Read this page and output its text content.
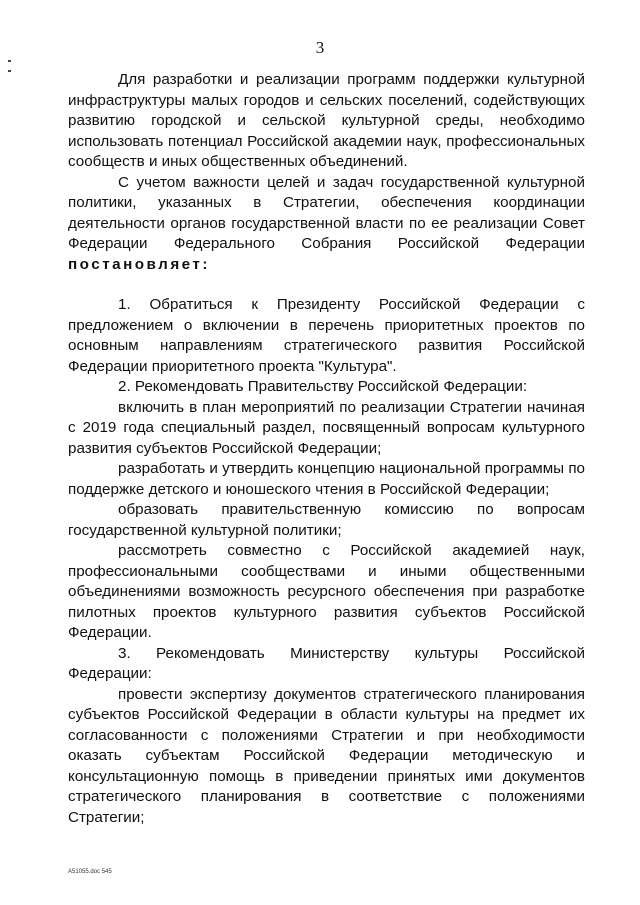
3

Для разработки и реализации программ поддержки культурной инфраструктуры малых городов и сельских поселений, содействующих развитию городской и сельской культурной среды, необходимо использовать потенциал Российской академии наук, профессиональных сообществ и иных общественных объединений.

С учетом важности целей и задач государственной культурной политики, указанных в Стратегии, обеспечения координации деятельности органов государственной власти по ее реализации Совет Федерации Федерального Собрания Российской Федерации постановляет:

1. Обратиться к Президенту Российской Федерации с предложением о включении в перечень приоритетных проектов по основным направлениям стратегического развития Российской Федерации приоритетного проекта "Культура".

2. Рекомендовать Правительству Российской Федерации:

включить в план мероприятий по реализации Стратегии начиная с 2019 года специальный раздел, посвященный вопросам культурного развития субъектов Российской Федерации;

разработать и утвердить концепцию национальной программы по поддержке детского и юношеского чтения в Российской Федерации;

образовать правительственную комиссию по вопросам государственной культурной политики;

рассмотреть совместно с Российской академией наук, профессиональными сообществами и иными общественными объединениями возможность ресурсного обеспечения при разработке пилотных проектов культурного развития субъектов Российской Федерации.

3. Рекомендовать Министерству культуры Российской Федерации:

провести экспертизу документов стратегического планирования субъектов Российской Федерации в области культуры на предмет их согласованности с положениями Стратегии и при необходимости оказать субъектам Российской Федерации методическую и консультационную помощь в приведении принятых ими документов стратегического планирования в соответствие с положениями Стратегии;

А51055.doc 545
